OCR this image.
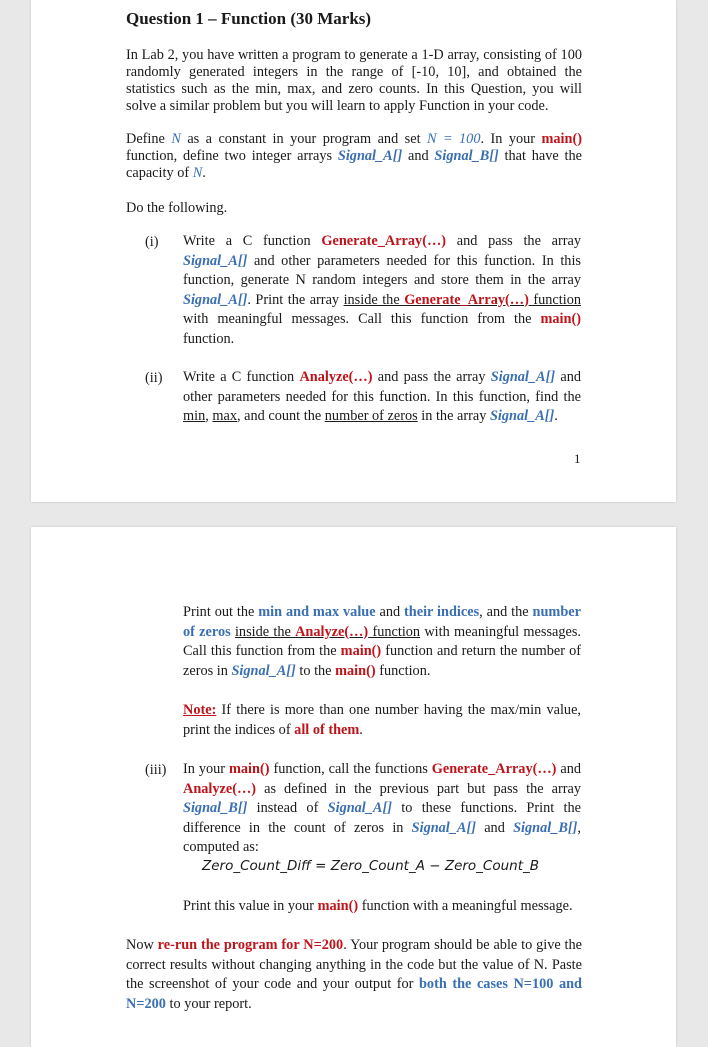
Question 1 – Function (30 Marks)
In Lab 2, you have written a program to generate a 1-D array, consisting of 100 randomly generated integers in the range of [-10, 10], and obtained the statistics such as the min, max, and zero counts. In this Question, you will solve a similar problem but you will learn to apply Function in your code.
Define N as a constant in your program and set N = 100. In your main() function, define two integer arrays Signal_A[] and Signal_B[] that have the capacity of N.
Do the following.
(i) Write a C function Generate_Array(…) and pass the array Signal_A[] and other parameters needed for this function. In this function, generate N random integers and store them in the array Signal_A[]. Print the array inside the Generate_Array(…) function with meaningful messages. Call this function from the main() function.
(ii) Write a C function Analyze(…) and pass the array Signal_A[] and other parameters needed for this function. In this function, find the min, max, and count the number of zeros in the array Signal_A[].
1
Print out the min and max value and their indices, and the number of zeros inside the Analyze(…) function with meaningful messages. Call this function from the main() function and return the number of zeros in Signal_A[] to the main() function.
Note: If there is more than one number having the max/min value, print the indices of all of them.
(iii) In your main() function, call the functions Generate_Array(…) and Analyze(…) as defined in the previous part but pass the array Signal_B[] instead of Signal_A[] to these functions. Print the difference in the count of zeros in Signal_A[] and Signal_B[], computed as:
Zero_Count_Diff = Zero_Count_A − Zero_Count_B
Print this value in your main() function with a meaningful message.
Now re-run the program for N=200. Your program should be able to give the correct results without changing anything in the code but the value of N. Paste the screenshot of your code and your output for both the cases N=100 and N=200 to your report.
